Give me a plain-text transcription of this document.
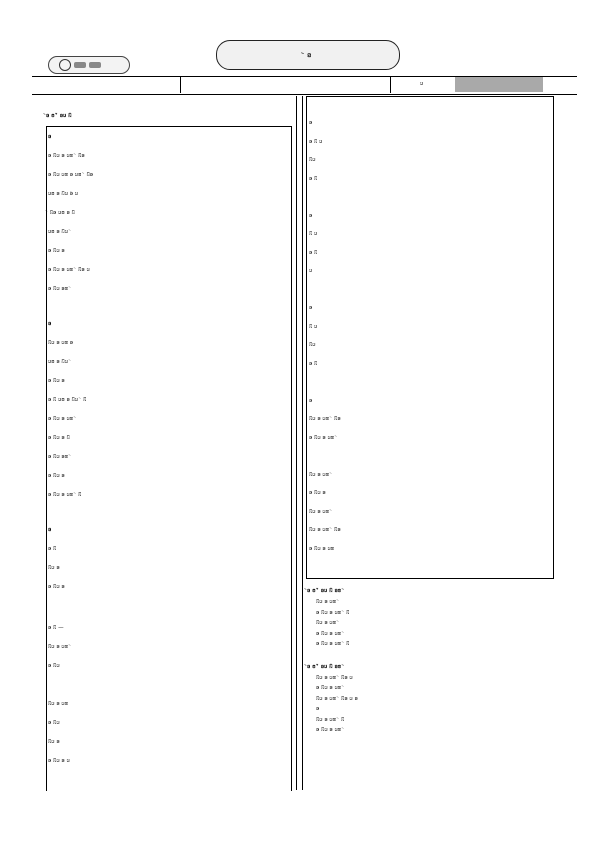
ꤧ ꤢ
ꤣ
ꤧꤢ ꤥ ꤪ ꤢꤣ ꤡ
ꤢ
ꤢ ꤡꤣ ꤢ ꤣꤥ ꤧ ꤡꤢ
ꤢ ꤡꤣ ꤣꤥ ꤢ ꤣꤥ ꤧ ꤡꤢ
ꤣꤥ ꤢ ꤡꤣ ꤢꤧ ꤣ
ꤧ ꤡꤢ ꤣꤥ ꤢ ꤡ
ꤣꤥ ꤢ ꤡꤣ ꤧ
ꤢ ꤡꤣ ꤢ
ꤢ ꤡꤣ ꤢ ꤣꤥ ꤧ ꤡꤢ ꤣ
ꤢ ꤡꤣ ꤢꤥ ꤧ
ꤢ
ꤡꤣ ꤢ ꤣꤥ ꤢ
ꤣꤥ ꤢ ꤡꤣ ꤧ
ꤢ ꤡꤣ ꤢ
ꤢ ꤡ ꤣꤥ ꤢ ꤡꤣ ꤧ ꤡ
ꤢ ꤡꤣ ꤢ ꤣꤥ ꤧ
ꤢ ꤡꤣ ꤢ ꤡ
ꤢ ꤡꤣ ꤢꤥ ꤧ
ꤢ ꤡꤣ ꤢ
ꤢ ꤡꤣ ꤢ ꤣꤥ ꤧ ꤡ
ꤢ
ꤢ ꤡ
ꤡꤣ ꤢ
ꤢ ꤡꤣ ꤢ
ꤢ ꤡ —
ꤡꤣ ꤢ ꤣꤥ ꤧ
ꤢ ꤡꤣ
ꤡꤣ ꤢ ꤣꤥ
ꤢ ꤡꤣ
ꤡꤣ ꤢ
ꤢ ꤡꤣ ꤢ ꤣ
ꤢ
ꤢ ꤡ ꤣ
ꤡꤣ
ꤢ ꤡ
ꤢ
ꤡ ꤣ
ꤢ ꤡ
ꤣ
ꤢ
ꤡ ꤣ
ꤡꤣ
ꤢ ꤡ
ꤢ
ꤡꤣ ꤢ ꤣꤥ ꤧ ꤡꤢ
ꤢ ꤡꤣ ꤢ ꤣꤥ ꤧ
ꤡꤣ ꤢ ꤣꤥ ꤧ
ꤢ ꤡꤣ ꤢ
ꤡꤣ ꤢ ꤣꤥ ꤧ
ꤡꤣ ꤢ ꤣꤥ ꤧ ꤡꤢ
ꤢ ꤡꤣ ꤢ ꤣꤥ
ꤧꤢ ꤥ ꤪ ꤢꤣ ꤡ ꤢꤥ ꤧ
ꤡꤣ ꤢ ꤣꤥ ꤧ
ꤢ ꤡꤣ ꤢ ꤣꤥ ꤧ ꤡ
ꤡꤣ ꤢ ꤣꤥ ꤧ
ꤢ ꤡꤣ ꤢ ꤣꤥ ꤧ
ꤢ ꤡꤣ ꤢ ꤣꤥ ꤧ ꤡ
ꤧꤢ ꤥ ꤪ ꤢꤣ ꤡ ꤢꤥ ꤧ
ꤡꤣ ꤢ ꤣꤥ ꤧ ꤡꤢ ꤣ
ꤢ ꤡꤣ ꤢ ꤣꤥ ꤧ
ꤡꤣ ꤢ ꤣꤥ ꤧ ꤡꤢ ꤣ ꤢ
ꤢ
ꤡꤣ ꤢ ꤣꤥ ꤧ ꤡ
ꤢ ꤡꤣ ꤢ ꤣꤥ ꤧ
